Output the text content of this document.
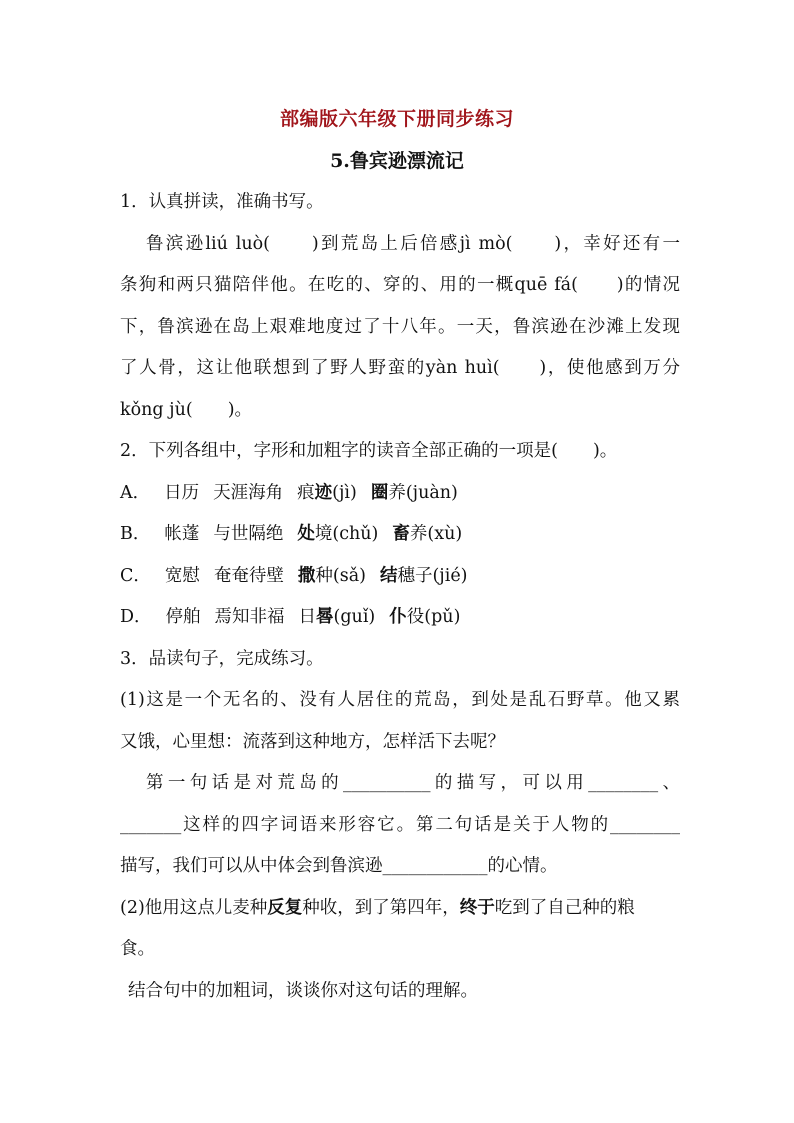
部编版六年级下册同步练习
5.鲁宾逊漂流记
1．认真拼读，准确书写。
鲁滨逊liú luò(　　)到荒岛上后倍感jì mò(　　)，幸好还有一
条狗和两只猫陪伴他。在吃的、穿的、用的一概quē fá(　　)的情况
下，鲁滨逊在岛上艰难地度过了十八年。一天，鲁滨逊在沙滩上发现
了人骨，这让他联想到了野人野蛮的yàn huì(　　)，使他感到万分
kǒng jù(　　)。
2．下列各组中，字形和加粗字的读音全部正确的一项是(　　)。
A． 日历 天涯海角 痕迹(jì) 圈养(juàn)
B． 帐蓬 与世隔绝 处境(chǔ) 畜养(xù)
C． 宽慰 奄奄待壁 撒种(sǎ) 结穗子(jié)
D． 停舶 焉知非福 日晷(guǐ) 仆役(pǔ)
3．品读句子，完成练习。
(1)这是一个无名的、没有人居住的荒岛，到处是乱石野草。他又累
又饿，心里想：流落到这种地方，怎样活下去呢？
第一句话是对荒岛的__________的描写，可以用________、
_______这样的四字词语来形容它。第二句话是关于人物的________
描写，我们可以从中体会到鲁滨逊____________的心情。
(2)他用这点儿麦种反复种收，到了第四年，终于吃到了自己种的粮
食。
结合句中的加粗词，谈谈你对这句话的理解。
